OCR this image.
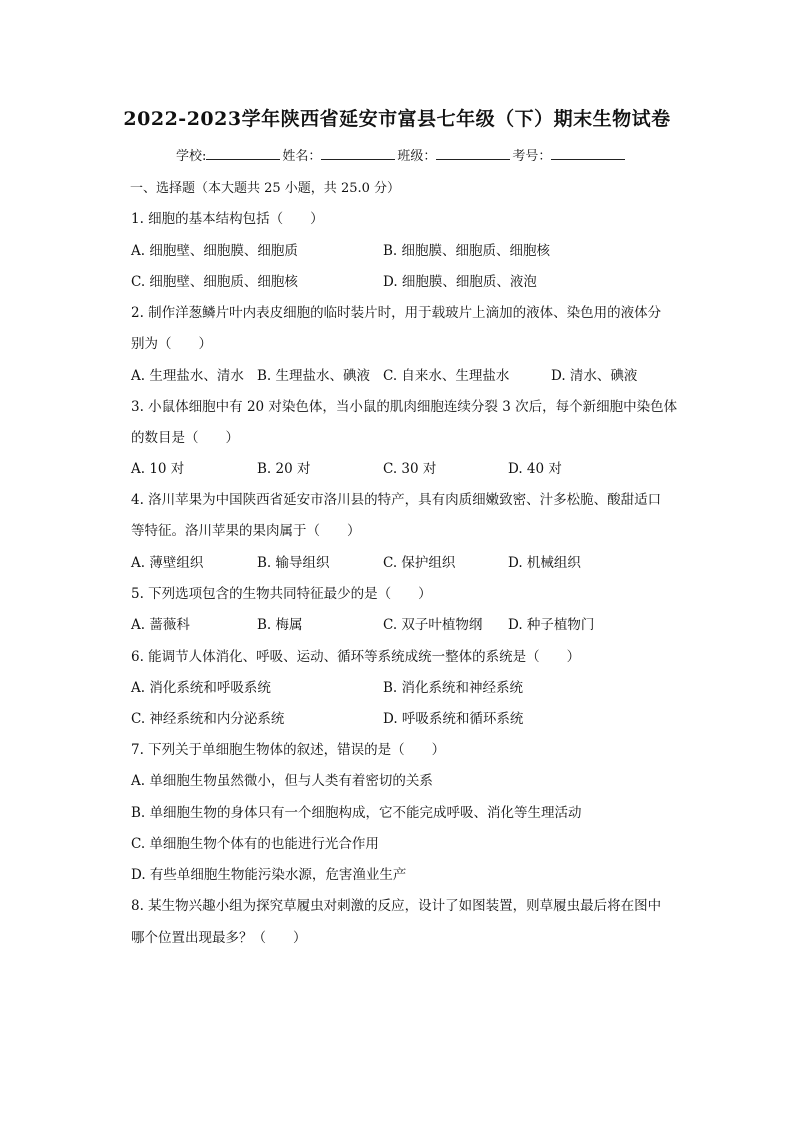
2022-2023学年陕西省延安市富县七年级（下）期末生物试卷
学校:	姓名：	班级：	考号：
一、选择题（本大题共 25 小题，共 25.0 分）
1. 细胞的基本结构包括（　　）
A. 细胞壁、细胞膜、细胞质	B. 细胞膜、细胞质、细胞核
C. 细胞壁、细胞质、细胞核	D. 细胞膜、细胞质、液泡
2. 制作洋葱鳞片叶内表皮细胞的临时装片时，用于载玻片上滴加的液体、染色用的液体分
别为（　　）
A. 生理盐水、清水 B. 生理盐水、碘液 C. 自来水、生理盐水	D. 清水、碘液
3. 小鼠体细胞中有 20 对染色体，当小鼠的肌肉细胞连续分裂 3 次后，每个新细胞中染色体
的数目是（　　）
A. 10 对	B. 20 对	C. 30 对	D. 40 对
4. 洛川苹果为中国陕西省延安市洛川县的特产，具有肉质细嫩致密、汁多松脆、酸甜适口
等特征。洛川苹果的果肉属于（　　）
A. 薄壁组织	B. 输导组织	C. 保护组织	D. 机械组织
5. 下列选项包含的生物共同特征最少的是（　　）
A. 蔷薇科	B. 梅属	C. 双子叶植物纲 D. 种子植物门
6. 能调节人体消化、呼吸、运动、循环等系统成统一整体的系统是（　　）
A. 消化系统和呼吸系统	B. 消化系统和神经系统
C. 神经系统和内分泌系统	D. 呼吸系统和循环系统
7. 下列关于单细胞生物体的叙述，错误的是（　　）
A. 单细胞生物虽然微小，但与人类有着密切的关系
B. 单细胞生物的身体只有一个细胞构成，它不能完成呼吸、消化等生理活动
C. 单细胞生物个体有的也能进行光合作用
D. 有些单细胞生物能污染水源，危害渔业生产
8. 某生物兴趣小组为探究草履虫对刺激的反应，设计了如图装置，则草履虫最后将在图中
哪个位置出现最多？（　　）
